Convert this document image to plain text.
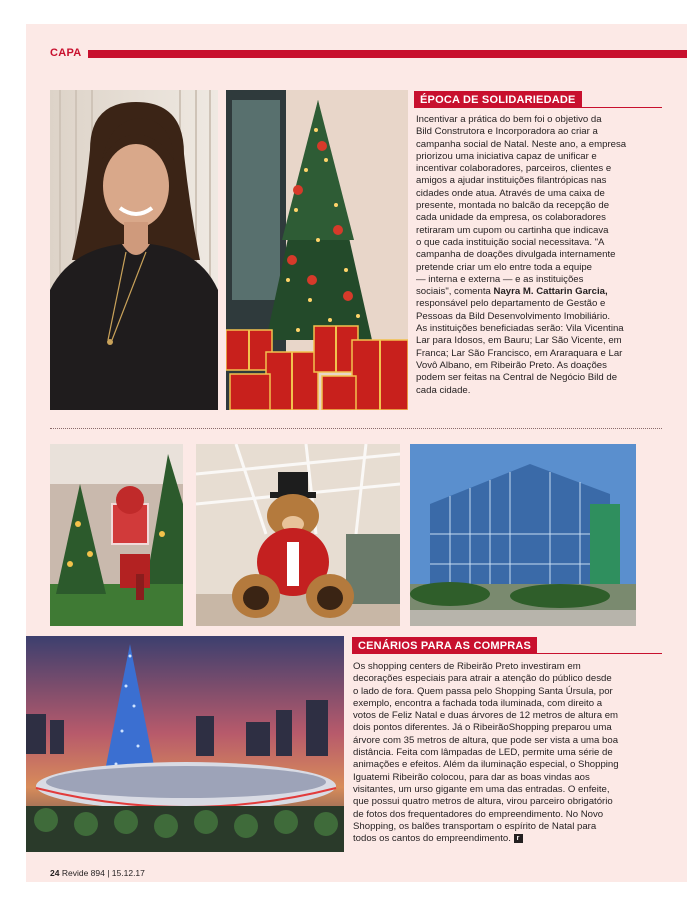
CAPA
ÉPOCA DE SOLIDARIEDADE

Incentivar a prática do bem foi o objetivo da

Bild Construtora e Incorporadora ao criar a

campanha social de Natal. Neste ano, a empresa

priorizou uma iniciativa capaz de unificar e

incentivar colaboradores, parceiros, clientes e

amigos a ajudar instituições filantrópicas nas

cidades onde atua. Através de uma caixa de

presente, montada no balcão da recepção de

cada unidade da empresa, os colaboradores

retiraram um cupom ou cartinha que indicava

o que cada instituição social necessitava. "A

campanha de doações divulgada internamente

pretende criar um elo entre toda a equipe

— interna e externa — e as instituições

sociais", comenta Nayra M. Cattarin Garcia,

responsável pelo departamento de Gestão e

Pessoas da Bild Desenvolvimento Imobiliário.

As instituições beneficiadas serão: Vila Vicentina

Lar para Idosos, em Bauru; Lar São Vicente, em

Franca; Lar São Francisco, em Araraquara e Lar

Vovô Albano, em Ribeirão Preto. As doações

podem ser feitas na Central de Negócio Bild de

cada cidade.

CENÁRIOS PARA AS COMPRAS

Os shopping centers de Ribeirão Preto investiram em

decorações especiais para atrair a atenção do público desde

o lado de fora. Quem passa pelo Shopping Santa Úrsula, por

exemplo, encontra a fachada toda iluminada, com direito a

votos de Feliz Natal e duas árvores de 12 metros de altura em

dois pontos diferentes. Já o RibeirãoShopping preparou uma

árvore com 35 metros de altura, que pode ser vista a uma boa

distância. Feita com lâmpadas de LED, permite uma série de

animações e efeitos. Além da iluminação especial, o Shopping

Iguatemi Ribeirão colocou, para dar as boas vindas aos

visitantes, um urso gigante em uma das entradas. O enfeite,

que possui quatro metros de altura, virou parceiro obrigatório

de fotos dos frequentadores do empreendimento. No Novo

Shopping, os balões transportam o espírito de Natal para

todos os cantos do empreendimento. r

24 Revide 894 | 15.12.17
